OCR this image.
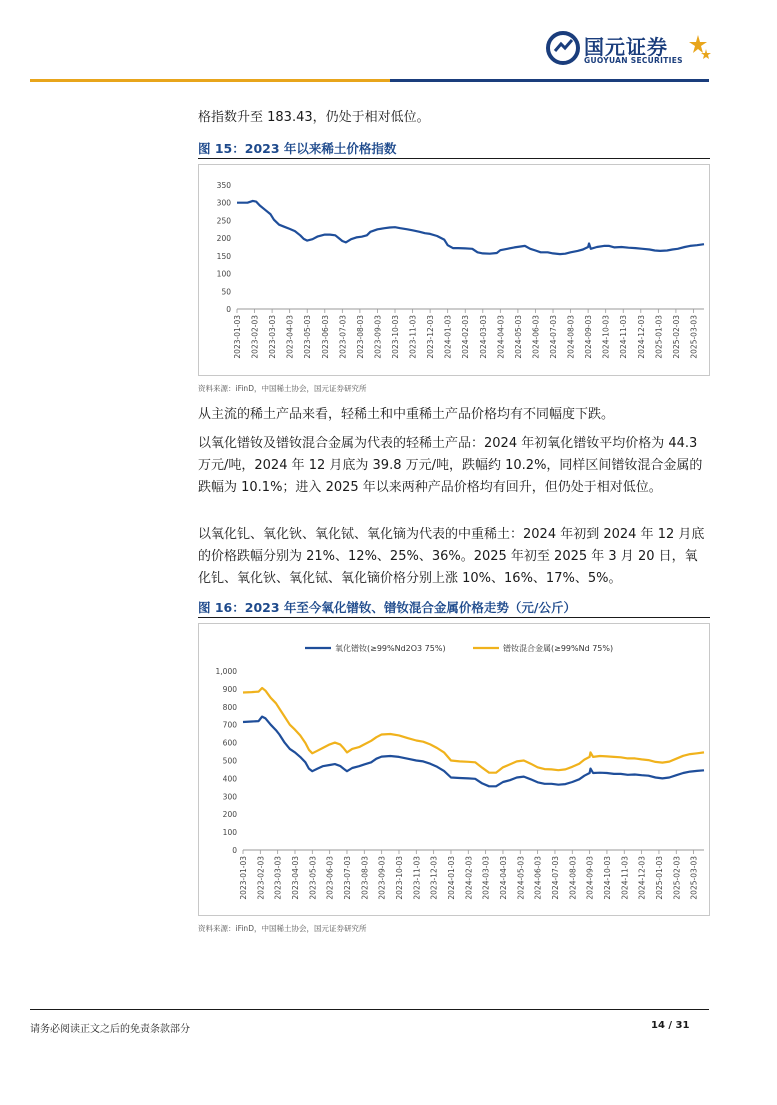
国元证券
GUOYUAN SECURITIES
格指数升至 183.43，仍处于相对低位。
图 15：2023 年以来稀土价格指数
0
50
100
150
200
250
300
350
2023-01-03 2023-02-03 2023-03-03 2023-04-03 2023-05-03 2023-06-03 2023-07-03 2023-08-03 2023-09-03 2023-10-03 2023-11-03 2023-12-03 2024-01-03 2024-02-03 2024-03-03 2024-04-03 2024-05-03 2024-06-03 2024-07-03 2024-08-03 2024-09-03 2024-10-03 2024-11-03 2024-12-03 2025-01-03 2025-02-03 2025-03-03
资料来源：iFinD，中国稀土协会，国元证券研究所
从主流的稀土产品来看，轻稀土和中重稀土产品价格均有不同幅度下跌。
以氧化镨钕及镨钕混合金属为代表的轻稀土产品：2024 年初氧化镨钕平均价格为 44.3 万元/吨，2024 年 12 月底为 39.8 万元/吨，跌幅约 10.2%，同样区间镨钕混合金属的跌幅为 10.1%；进入 2025 年以来两种产品价格均有回升，但仍处于相对低位。
以氧化钆、氧化钬、氧化铽、氧化镝为代表的中重稀土：2024 年初到 2024 年 12 月底的价格跌幅分别为 21%、12%、25%、36%。2025 年初至 2025 年 3 月 20 日，氧化钆、氧化钬、氧化铽、氧化镝价格分别上涨 10%、16%、17%、5%。
图 16：2023 年至今氧化镨钕、镨钕混合金属价格走势（元/公斤）
氧化镨钕(≥99%Nd2O3 75%)	镨钕混合金属(≥99%Nd 75%)
0
100
200
300
400
500
600
700
800
900
1,000
2023-01-03 2023-02-03 2023-03-03 2023-04-03 2023-05-03 2023-06-03 2023-07-03 2023-08-03 2023-09-03 2023-10-03 2023-11-03 2023-12-03 2024-01-03 2024-02-03 2024-03-03 2024-04-03 2024-05-03 2024-06-03 2024-07-03 2024-08-03 2024-09-03 2024-10-03 2024-11-03 2024-12-03 2025-01-03 2025-02-03 2025-03-03
资料来源：iFinD，中国稀土协会，国元证券研究所
请务必阅读正文之后的免责条款部分	14 / 31
